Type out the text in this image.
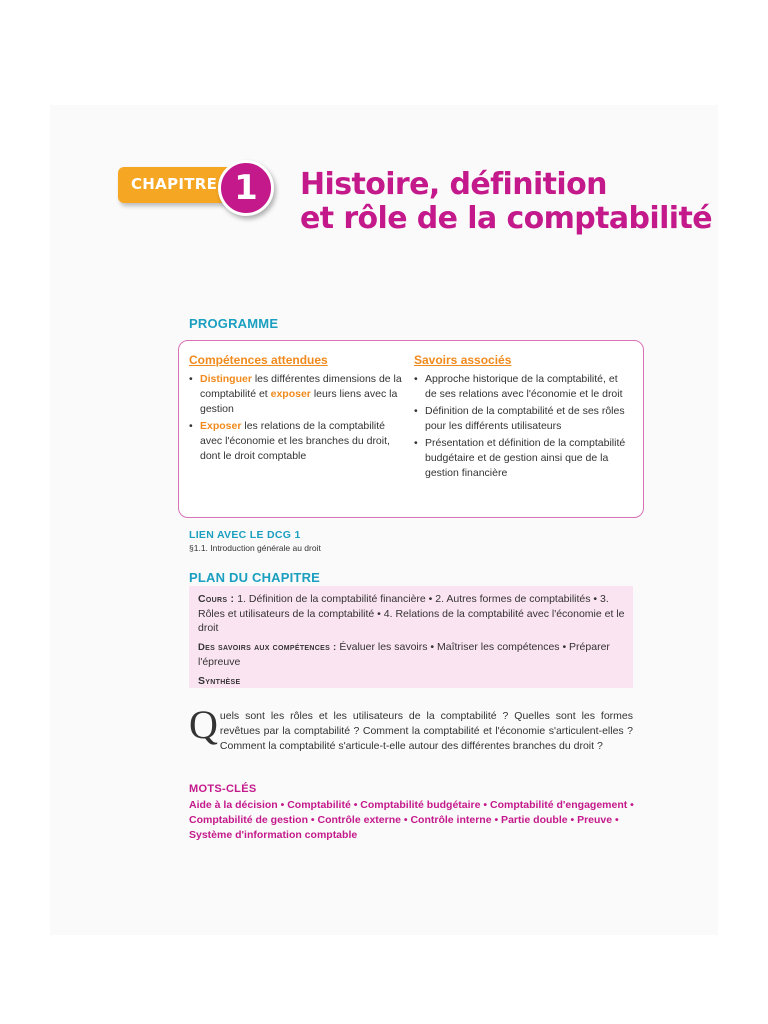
CHAPITRE 1	Histoire, définition
et rôle de la comptabilité
PROGRAMME
Compétences attendues
• Distinguer les différentes dimensions de la comptabilité et exposer leurs liens avec la gestion
• Exposer les relations de la comptabilité avec l'économie et les branches du droit, dont le droit comptable
Savoirs associés
• Approche historique de la comptabilité, et de ses relations avec l'économie et le droit
• Définition de la comptabilité et de ses rôles pour les différents utilisateurs
• Présentation et définition de la comptabilité budgétaire et de gestion ainsi que de la gestion financière
LIEN AVEC LE DCG 1
§1.1. Introduction générale au droit
PLAN DU CHAPITRE

Cours : 1. Définition de la comptabilité financière • 2. Autres formes de comptabilités • 3. Rôles et utilisateurs de la comptabilité • 4. Relations de la comptabilité avec l'économie et le droit

Des savoirs aux compétences : Évaluer les savoirs • Maîtriser les compétences • Préparer l'épreuve

Synthèse

Quels sont les rôles et les utilisateurs de la comptabilité ? Quelles sont les formes revêtues par la comptabilité ? Comment la comptabilité et l'économie s'articulent-elles ? Comment la comptabilité s'articule-t-elle autour des différentes branches du droit ?
MOTS-CLÉS
Aide à la décision • Comptabilité • Comptabilité budgétaire • Comptabilité d'engagement • Comptabilité de gestion • Contrôle externe • Contrôle interne • Partie double • Preuve • Système d'information comptable
